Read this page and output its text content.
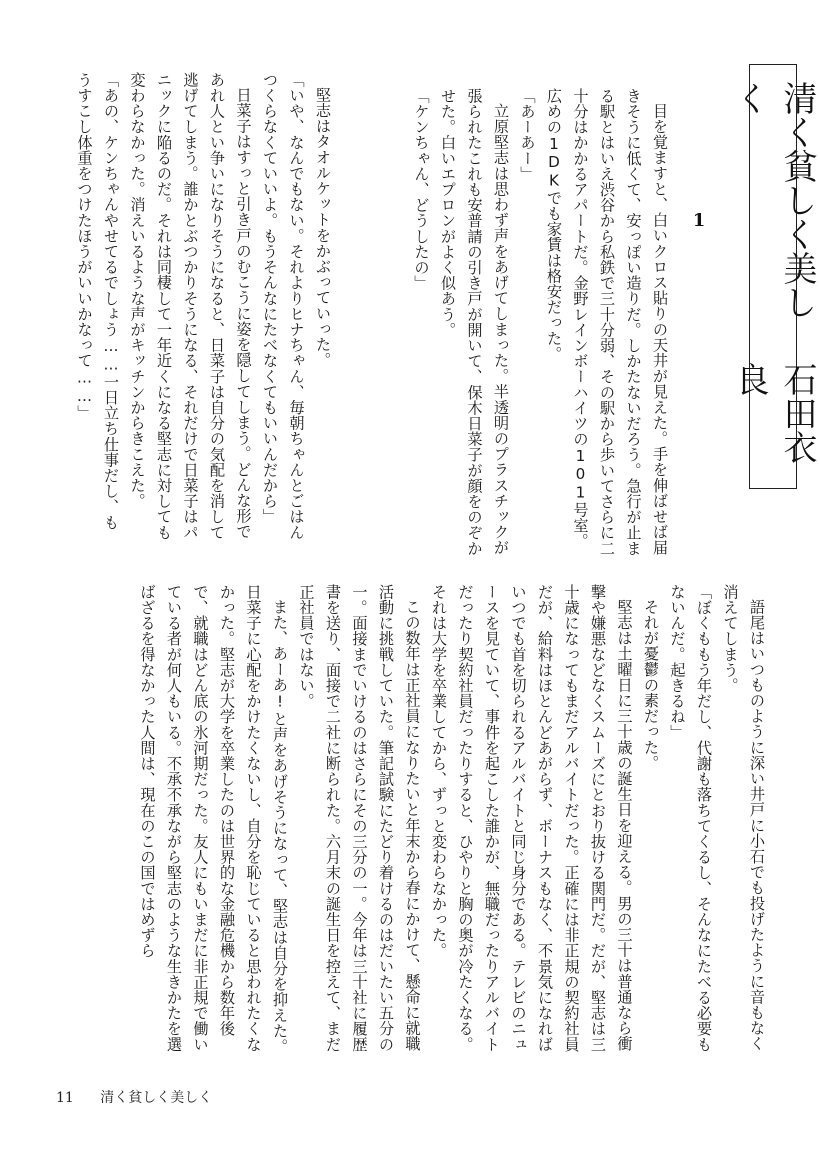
清く貧しく美しく
石田衣良
1

目を覚ますと、白いクロス貼りの天井が見えた。手を伸ばせば届きそうに低くて、安っぽい造りだ。しかたないだろう。急行が止まる駅とはいえ渋谷から私鉄で三十分弱、その駅から歩いてさらに二十分はかかるアパートだ。金野レインボーハイツの101号室。広めの1DKでも家賃は格安だった。

「あーあー」

立原堅志は思わず声をあげてしまった。半透明のプラスチックが張られたこれも安普請の引き戸が開いて、保木日菜子が顔をのぞかせた。白いエプロンがよく似あう。

「ケンちゃん、どうしたの」

堅志はタオルケットをかぶっていった。

「いや、なんでもない。それよりヒナちゃん、毎朝ちゃんとごはんつくらなくていいよ。もうそんなにたべなくてもいいんだから」

日菜子はすっと引き戸のむこうに姿を隠してしまう。どんな形であれ人とい争いになりそうになると、日菜子は自分の気配を消して逃げてしまう。誰かとぶつかりそうになる、それだけで日菜子はパニックに陥るのだ。それは同棲して一年近くになる堅志に対しても変わらなかった。消えいるような声がキッチンからきこえた。

「あの、ケンちゃんやせてるでしょう……一日立ち仕事だし、もうすこし体重をつけたほうがいいかなって……」

語尾はいつものように深い井戸に小石でも投げたように音もなく消えてしまう。

「ぼくももう年だし、代謝も落ちてくるし、そんなにたべる必要もないんだ。起きるね」

それが憂鬱の素だった。

堅志は土曜日に三十歳の誕生日を迎える。男の三十は普通なら衝撃や嫌悪などなくスムーズにとおり抜ける関門だ。だが、堅志は三十歳になってもまだアルバイトだった。正確には非正規の契約社員だが、給料はほとんどあがらず、ボーナスもなく、不景気になればいつでも首を切られるアルバイトと同じ身分である。テレビのニュースを見ていて、事件を起こした誰かが、無職だったりアルバイトだったり契約社員だったりすると、ひやりと胸の奥が冷たくなる。それは大学を卒業してから、ずっと変わらなかった。

この数年は正社員になりたいと年末から春にかけて、懸命に就職活動に挑戦していた。筆記試験にたどり着けるのはだいたい五分の一。面接までいけるのはさらにその三分の一。今年は三十社に履歴書を送り、面接で二社に断られた。六月末の誕生日を控えて、まだ正社員ではない。

また、あーあ!と声をあげそうになって、堅志は自分を抑えた。日菜子に心配をかけたくないし、自分を恥じていると思われたくなかった。堅志が大学を卒業したのは世界的な金融危機から数年後で、就職はどん底の氷河期だった。友人にもいまだに非正規で働いている者が何人もいる。不承不承ながら堅志のような生きかたを選ばざるを得なかった人間は、現在のこの国ではめずら

11 清く貧しく美しく
